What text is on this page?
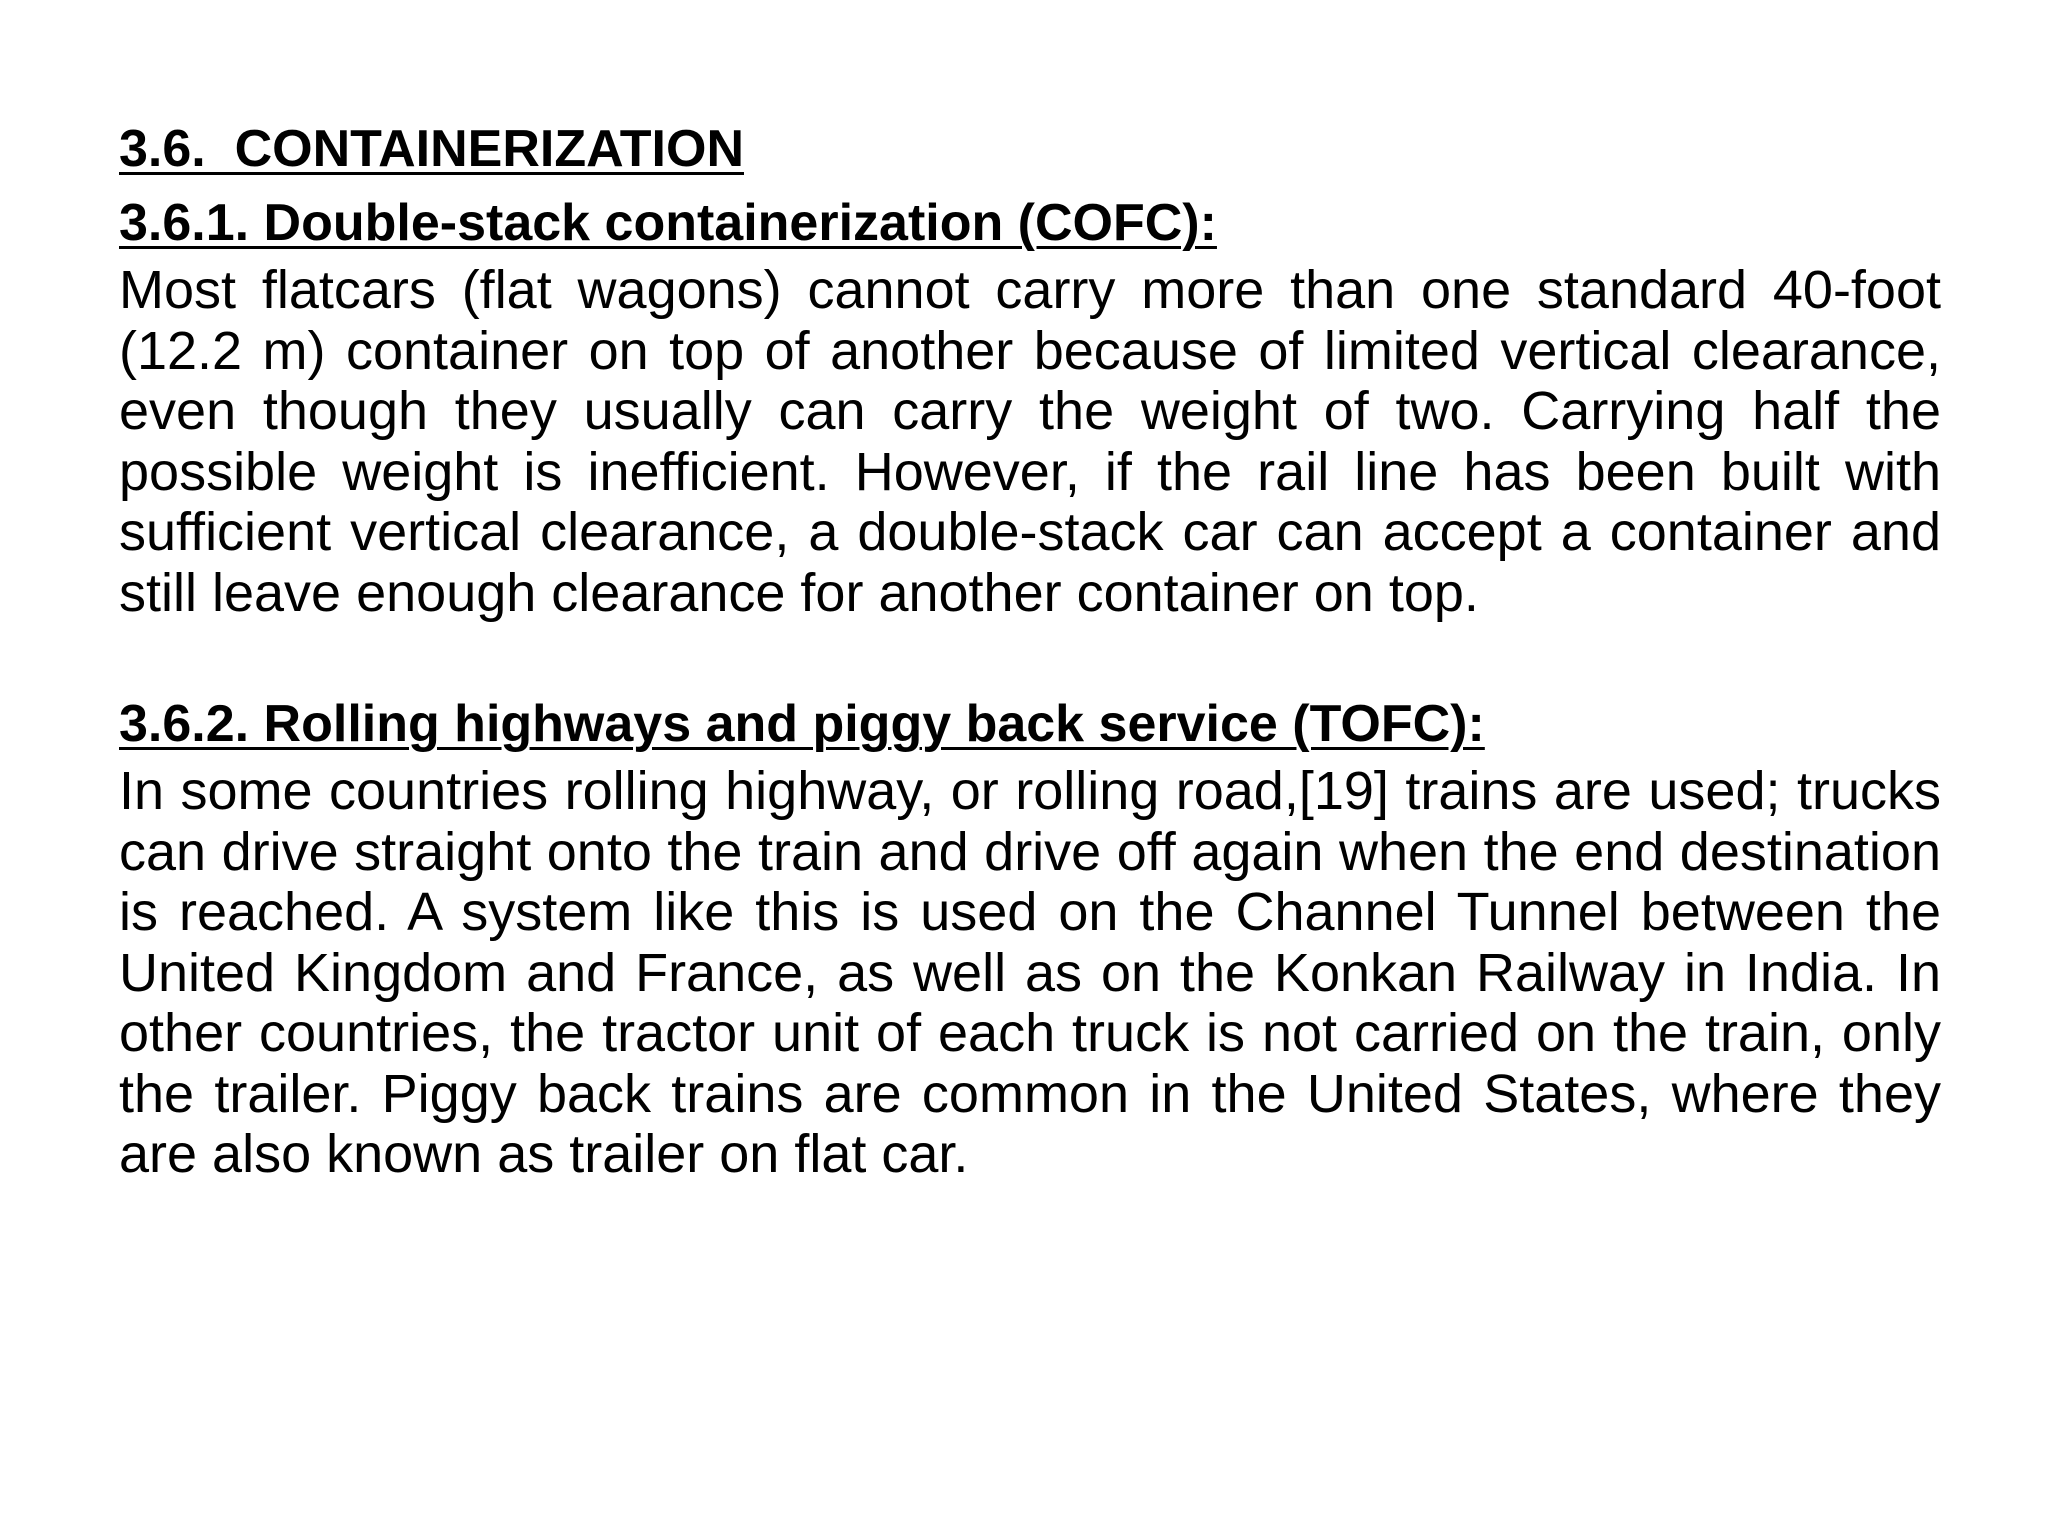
3.6.  CONTAINERIZATION
3.6.1. Double-stack containerization (COFC):

Most flatcars (flat wagons) cannot carry more than one standard 40-foot (12.2 m) container on top of another because of limited vertical clearance, even though they usually can carry the weight of two. Carrying half the possible weight is inefficient. However, if the rail line has been built with sufficient vertical clearance, a double-stack car can accept a container and still leave enough clearance for another container on top.

3.6.2. Rolling highways and piggy back service (TOFC):

In some countries rolling highway, or rolling road,[19] trains are used; trucks can drive straight onto the train and drive off again when the end destination is reached. A system like this is used on the Channel Tunnel between the United Kingdom and France, as well as on the Konkan Railway in India. In other countries, the tractor unit of each truck is not carried on the train, only the trailer. Piggy back trains are common in the United States, where they are also known as trailer on flat car.
